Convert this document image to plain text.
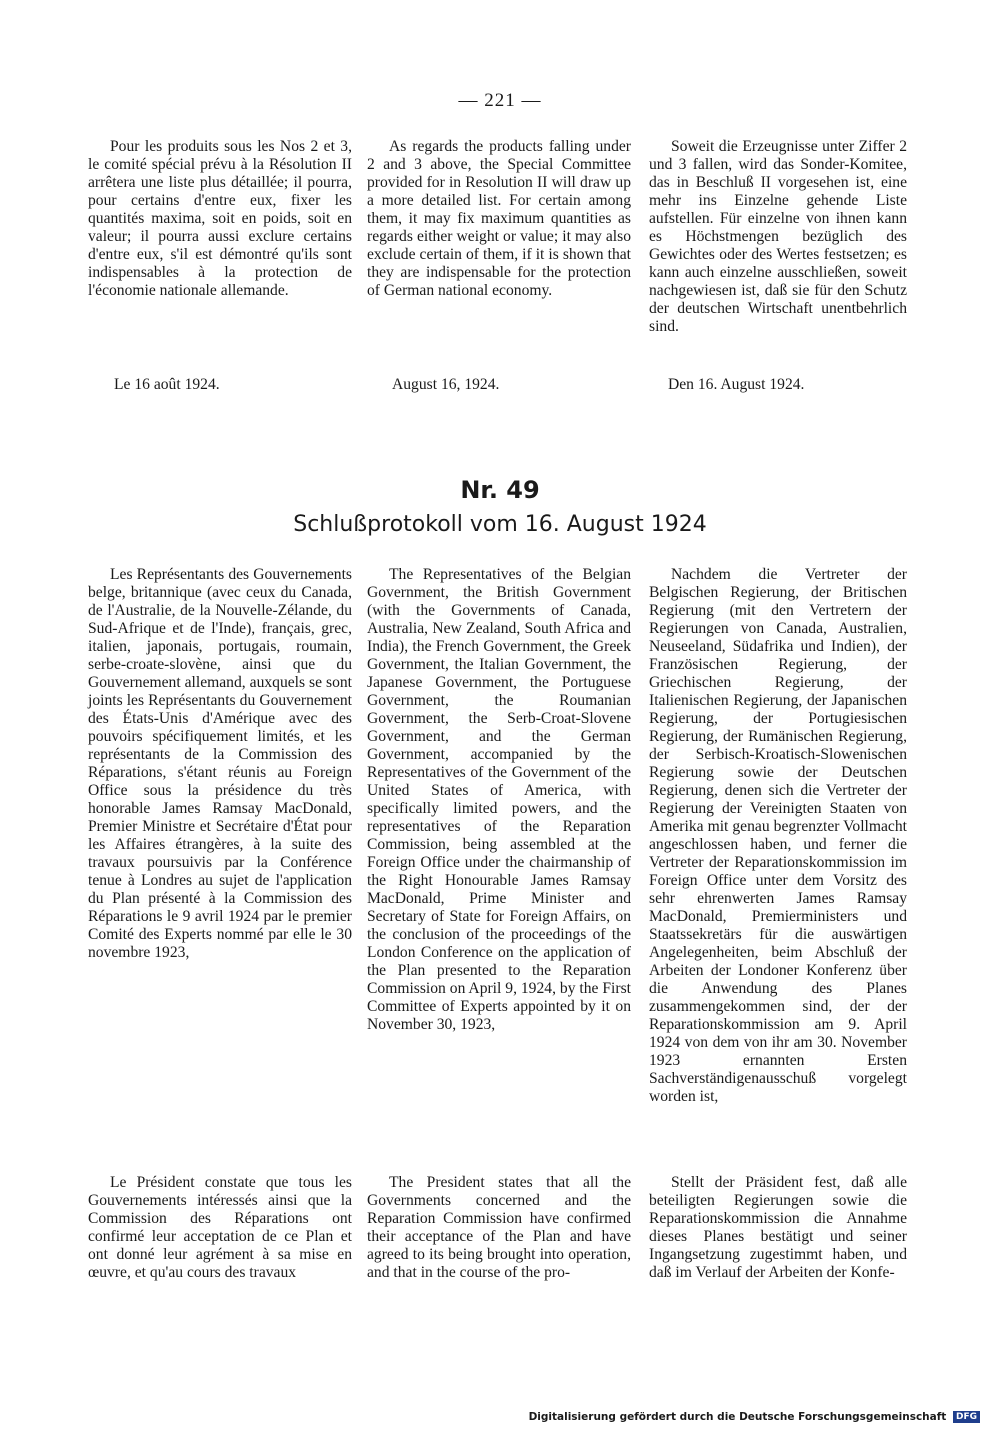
— 221 —

Pour les produits sous les Nos 2 et 3, le comité spécial prévu à la Résolution II arrêtera une liste plus détaillée; il pourra, pour certains d'entre eux, fixer les quantités maxima, soit en poids, soit en valeur; il pourra aussi exclure certains d'entre eux, s'il est démontré qu'ils sont indispensables à la protection de l'économie nationale allemande.

As regards the products falling under 2 and 3 above, the Special Committee provided for in Resolution II will draw up a more detailed list. For certain among them, it may fix maximum quantities as regards either weight or value; it may also exclude certain of them, if it is shown that they are indispensable for the protection of German national economy.

Soweit die Erzeugnisse unter Ziffer 2 und 3 fallen, wird das Sonder-Komitee, das in Beschluß II vorgesehen ist, eine mehr ins Einzelne gehende Liste aufstellen. Für einzelne von ihnen kann es Höchstmengen bezüglich des Gewichtes oder des Wertes festsetzen; es kann auch einzelne ausschließen, soweit nachgewiesen ist, daß sie für den Schutz der deutschen Wirtschaft unentbehrlich sind.

Le 16 août 1924.	August 16, 1924.	Den 16. August 1924.
Nr. 49
Schlußprotokoll vom 16. August 1924

Les Représentants des Gouvernements belge, britannique (avec ceux du Canada, de l'Australie, de la Nouvelle-Zélande, du Sud-Afrique et de l'Inde), français, grec, italien, japonais, portugais, roumain, serbe-croate-slovène, ainsi que du Gouvernement allemand, auxquels se sont joints les Représentants du Gouvernement des États-Unis d'Amérique avec des pouvoirs spécifiquement limités, et les représentants de la Commission des Réparations, s'étant réunis au Foreign Office sous la présidence du très honorable James Ramsay MacDonald, Premier Ministre et Secrétaire d'État pour les Affaires étrangères, à la suite des travaux poursuivis par la Conférence tenue à Londres au sujet de l'application du Plan présenté à la Commission des Réparations le 9 avril 1924 par le premier Comité des Experts nommé par elle le 30 novembre 1923,

The Representatives of the Belgian Government, the British Government (with the Governments of Canada, Australia, New Zealand, South Africa and India), the French Government, the Greek Government, the Italian Government, the Japanese Government, the Portuguese Government, the Roumanian Government, the Serb-Croat-Slovene Government, and the German Government, accompanied by the Representatives of the Government of the United States of America, with specifically limited powers, and the representatives of the Reparation Commission, being assembled at the Foreign Office under the chairmanship of the Right Honourable James Ramsay MacDonald, Prime Minister and Secretary of State for Foreign Affairs, on the conclusion of the proceedings of the London Conference on the application of the Plan presented to the Reparation Commission on April 9, 1924, by the First Committee of Experts appointed by it on November 30, 1923,

Nachdem die Vertreter der Belgischen Regierung, der Britischen Regierung (mit den Vertretern der Regierungen von Canada, Australien, Neuseeland, Südafrika und Indien), der Französischen Regierung, der Griechischen Regierung, der Italienischen Regierung, der Japanischen Regierung, der Portugiesischen Regierung, der Rumänischen Regierung, der Serbisch-Kroatisch-Slowenischen Regierung sowie der Deutschen Regierung, denen sich die Vertreter der Regierung der Vereinigten Staaten von Amerika mit genau begrenzter Vollmacht angeschlossen haben, und ferner die Vertreter der Reparationskommission im Foreign Office unter dem Vorsitz des sehr ehrenwerten James Ramsay MacDonald, Premierministers und Staatssekretärs für die auswärtigen Angelegenheiten, beim Abschluß der Arbeiten der Londoner Konferenz über die Anwendung des Planes zusammengekommen sind, der der Reparationskommission am 9. April 1924 von dem von ihr am 30. November 1923 ernannten Ersten Sachverständigenausschuß vorgelegt worden ist,

Le Président constate que tous les Gouvernements intéressés ainsi que la Commission des Réparations ont confirmé leur acceptation de ce Plan et ont donné leur agrément à sa mise en œuvre, et qu'au cours des travaux

The President states that all the Governments concerned and the Reparation Commission have confirmed their acceptance of the Plan and have agreed to its being brought into operation, and that in the course of the pro-

Stellt der Präsident fest, daß alle beteiligten Regierungen sowie die Reparationskommission die Annahme dieses Planes bestätigt und seiner Ingangsetzung zugestimmt haben, und daß im Verlauf der Arbeiten der Konfe-

Digitalisierung gefördert durch die Deutsche Forschungsgemeinschaft DFG
